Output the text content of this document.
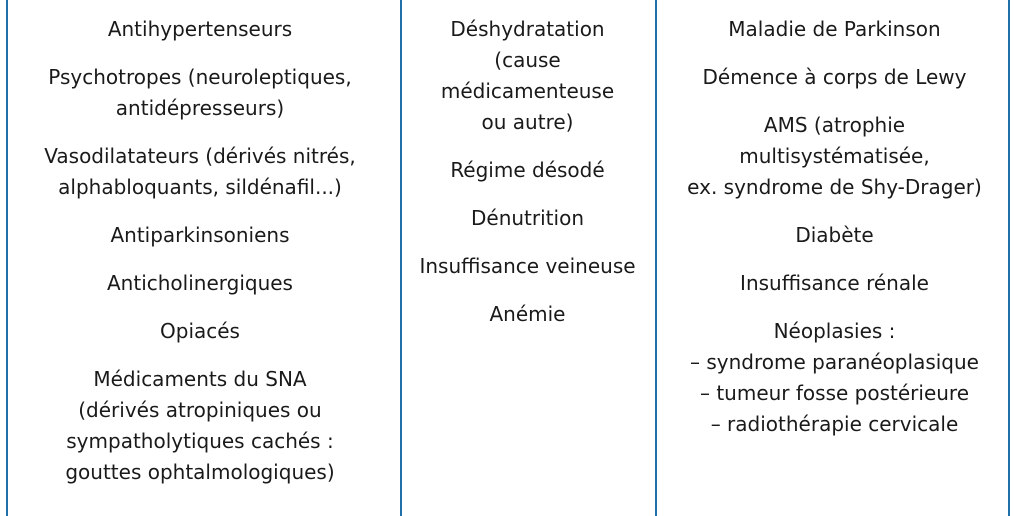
Antihypertenseurs
Psychotropes (neuroleptiques,
antidépresseurs)
Vasodilatateurs (dérivés nitrés,
alphabloquants, sildénafil...)
Antiparkinsoniens
Anticholinergiques
Opiacés
Médicaments du SNA
(dérivés atropiniques ou
sympatholytiques cachés :
gouttes ophtalmologiques)
Déshydratation
(cause
médicamenteuse
ou autre)
Régime désodé
Dénutrition
Insuffisance veineuse
Anémie
Maladie de Parkinson
Démence à corps de Lewy
AMS (atrophie
multisystématisée,
ex. syndrome de Shy-Drager)
Diabète
Insuffisance rénale
Néoplasies :
– syndrome paranéoplasique
– tumeur fosse postérieure
– radiothérapie cervicale
